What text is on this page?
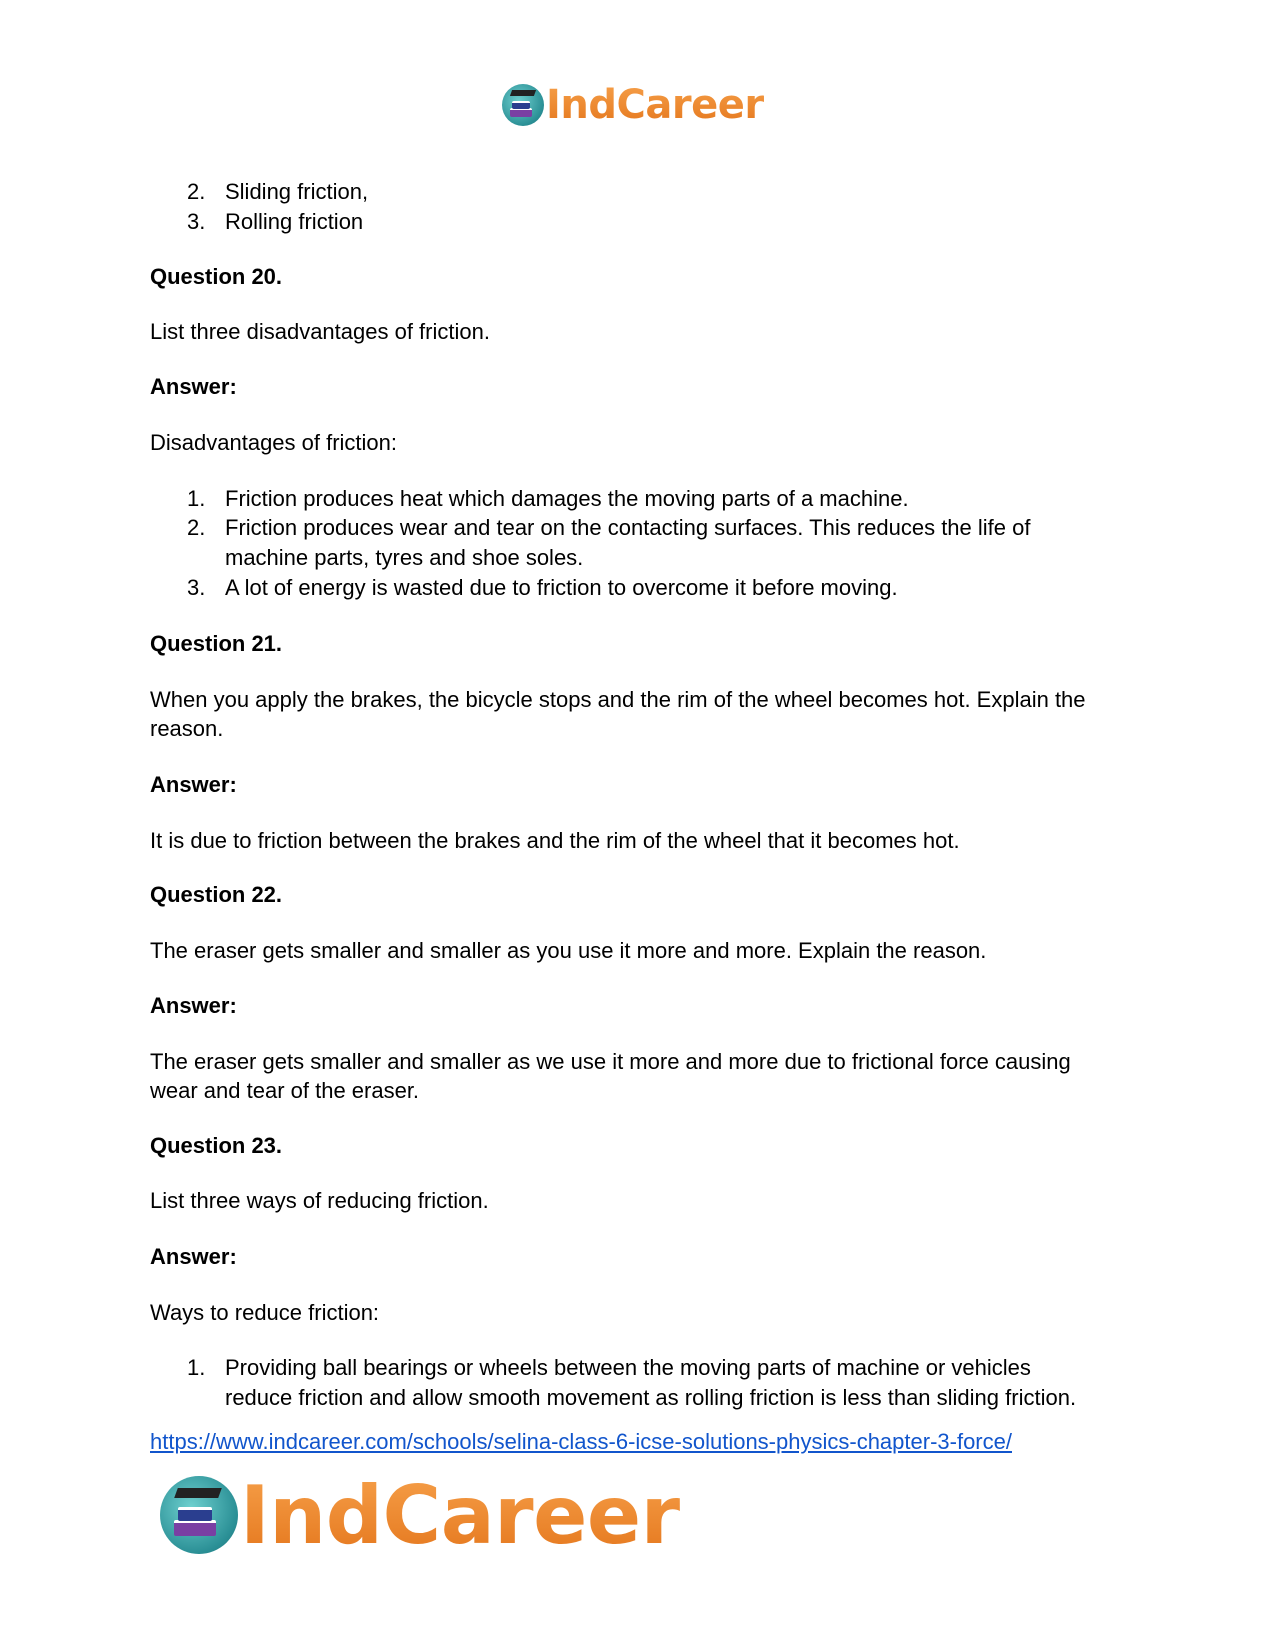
IndCareer
2. Sliding friction,
3. Rolling friction
Question 20.
List three disadvantages of friction.
Answer:
Disadvantages of friction:
1. Friction produces heat which damages the moving parts of a machine.
2. Friction produces wear and tear on the contacting surfaces. This reduces the life of
machine parts, tyres and shoe soles.
3. A lot of energy is wasted due to friction to overcome it before moving.
Question 21.
When you apply the brakes, the bicycle stops and the rim of the wheel becomes hot. Explain the
reason.
Answer:
It is due to friction between the brakes and the rim of the wheel that it becomes hot.
Question 22.
The eraser gets smaller and smaller as you use it more and more. Explain the reason.
Answer:
The eraser gets smaller and smaller as we use it more and more due to frictional force causing
wear and tear of the eraser.
Question 23.
List three ways of reducing friction.
Answer:
Ways to reduce friction:
1. Providing ball bearings or wheels between the moving parts of machine or vehicles
reduce friction and allow smooth movement as rolling friction is less than sliding friction.
https://www.indcareer.com/schools/selina-class-6-icse-solutions-physics-chapter-3-force/
IndCareer
